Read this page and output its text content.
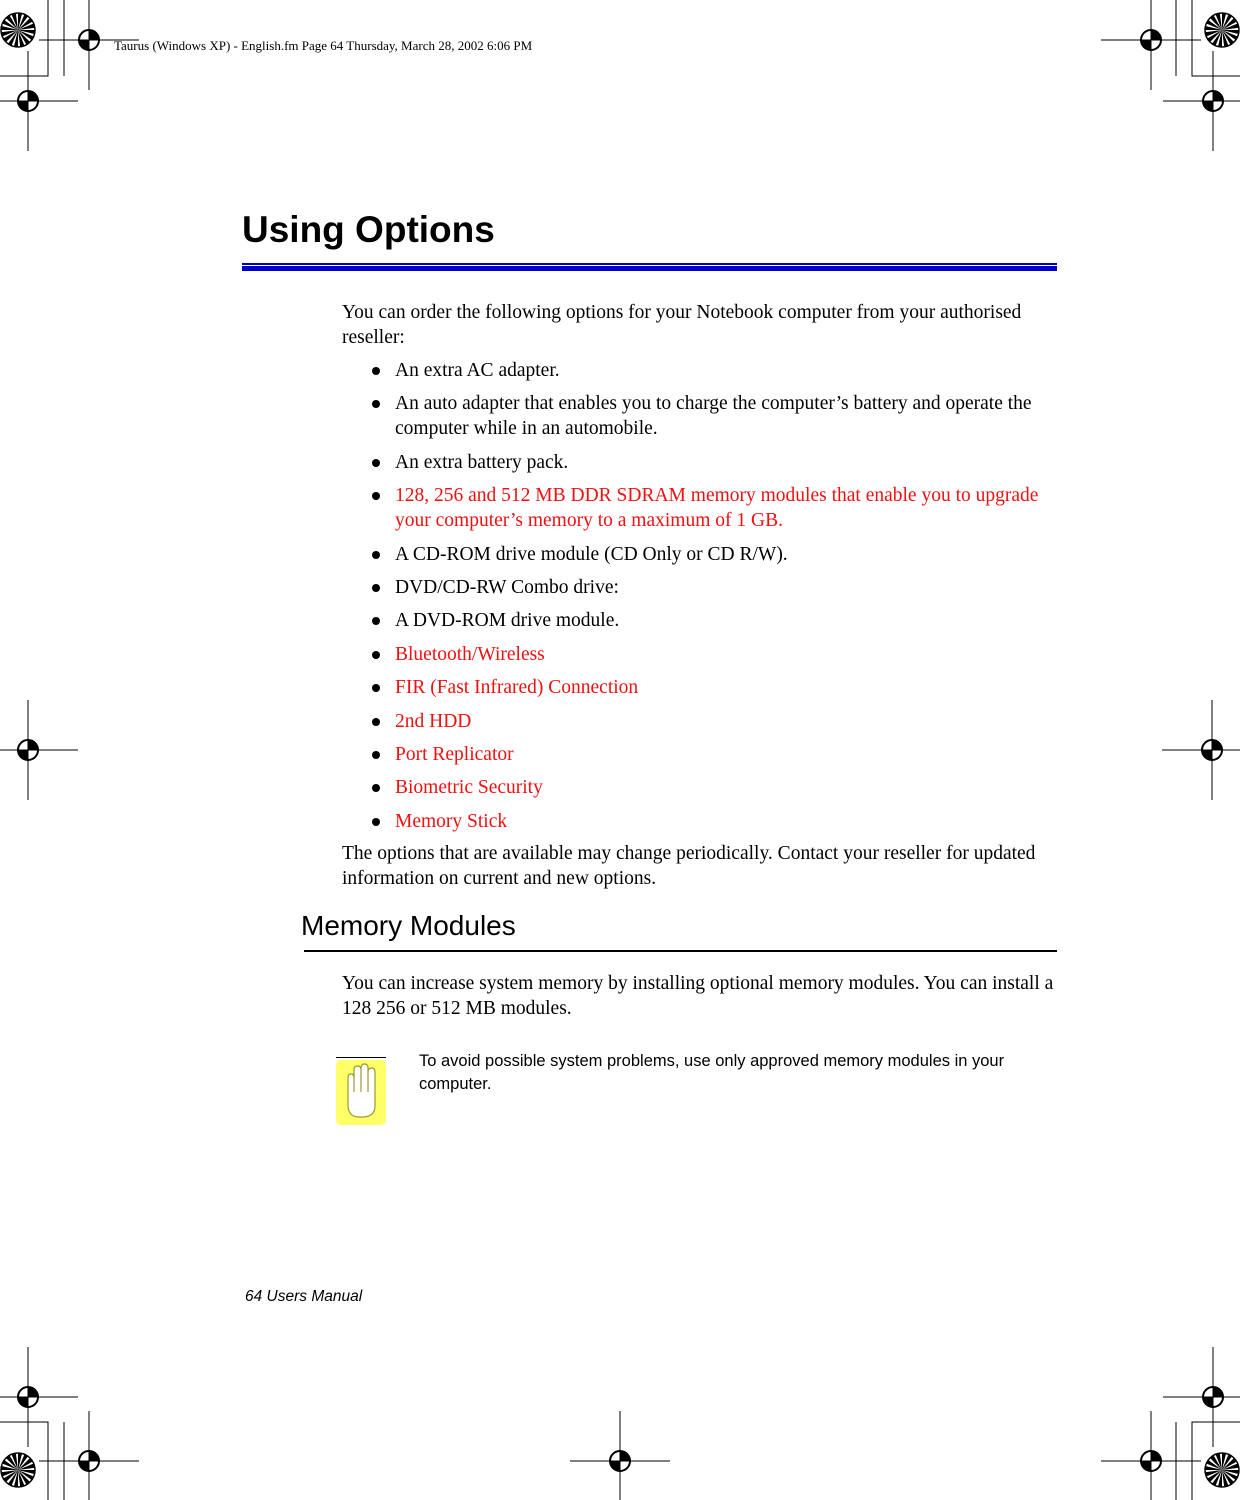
Taurus (Windows XP) - English.fm Page 64 Thursday, March 28, 2002 6:06 PM
Using Options

You can order the following options for your Notebook computer from your authorised reseller:

An extra AC adapter.
An auto adapter that enables you to charge the computer’s battery and operate the computer while in an automobile.
An extra battery pack.
128, 256 and 512 MB DDR SDRAM memory modules that enable you to upgrade your computer’s memory to a maximum of 1 GB.
A CD-ROM drive module (CD Only or CD R/W).
DVD/CD-RW Combo drive:
A DVD-ROM drive module.
Bluetooth/Wireless
FIR (Fast Infrared) Connection
2nd HDD
Port Replicator
Biometric Security
Memory Stick

The options that are available may change periodically. Contact your reseller for updated information on current and new options.

Memory Modules

You can increase system memory by installing optional memory modules. You can install a 128 256 or 512 MB modules.

To avoid possible system problems, use only approved memory modules in your computer.

64 Users Manual
